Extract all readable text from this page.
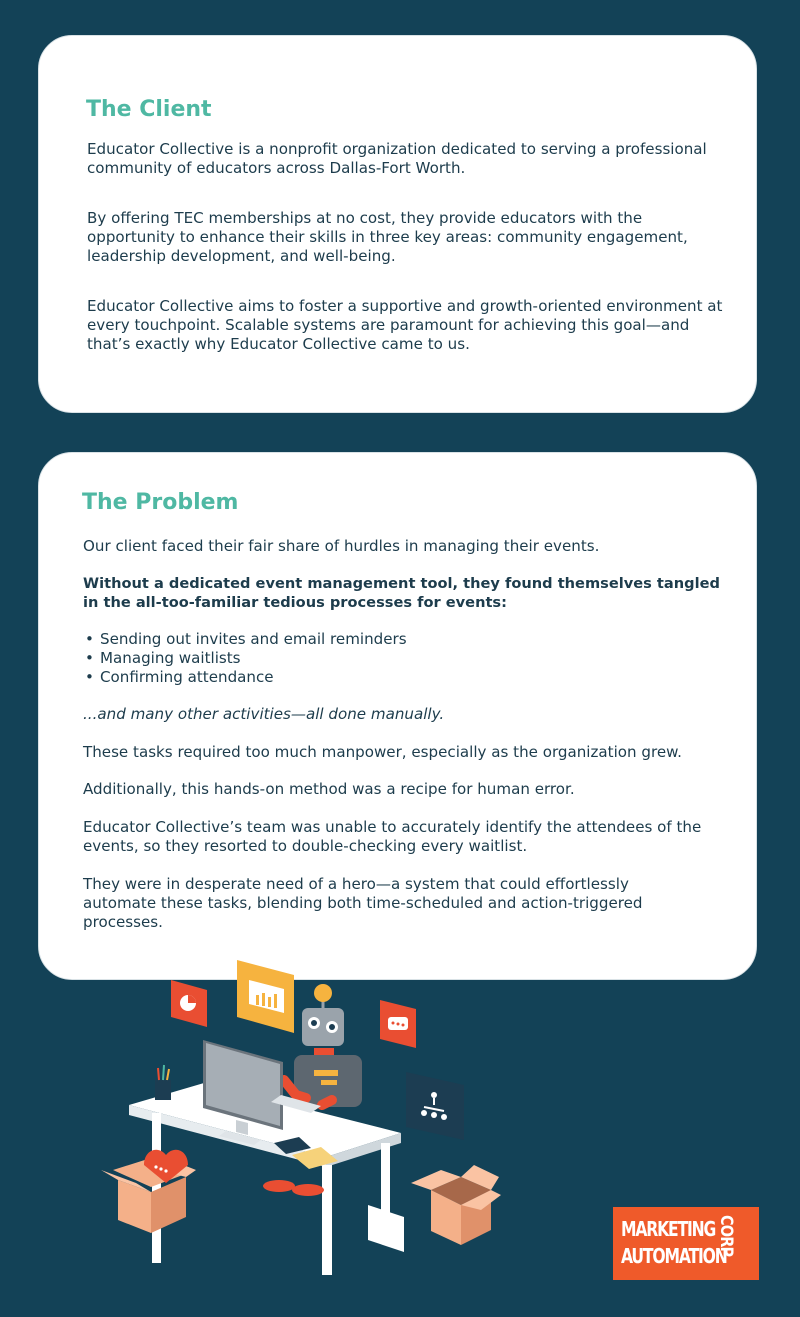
The Client

Educator Collective is a nonprofit organization dedicated to serving a professional community of educators across Dallas-Fort Worth.

By offering TEC memberships at no cost, they provide educators with the opportunity to enhance their skills in three key areas: community engagement, leadership development, and well-being.

Educator Collective aims to foster a supportive and growth-oriented environment at every touchpoint. Scalable systems are paramount for achieving this goal—and that’s exactly why Educator Collective came to us.

The Problem

Our client faced their fair share of hurdles in managing their events.

Without a dedicated event management tool, they found themselves tangled in the all-too-familiar tedious processes for events:

• Sending out invites and email reminders
• Managing waitlists
• Confirming attendance

...and many other activities—all done manually.

These tasks required too much manpower, especially as the organization grew.

Additionally, this hands-on method was a recipe for human error.

Educator Collective’s team was unable to accurately identify the attendees of the events, so they resorted to double-checking every waitlist.

They were in desperate need of a hero—a system that could effortlessly automate these tasks, blending both time-scheduled and action-triggered processes.

MARKETING
AUTOMATION
CORP
